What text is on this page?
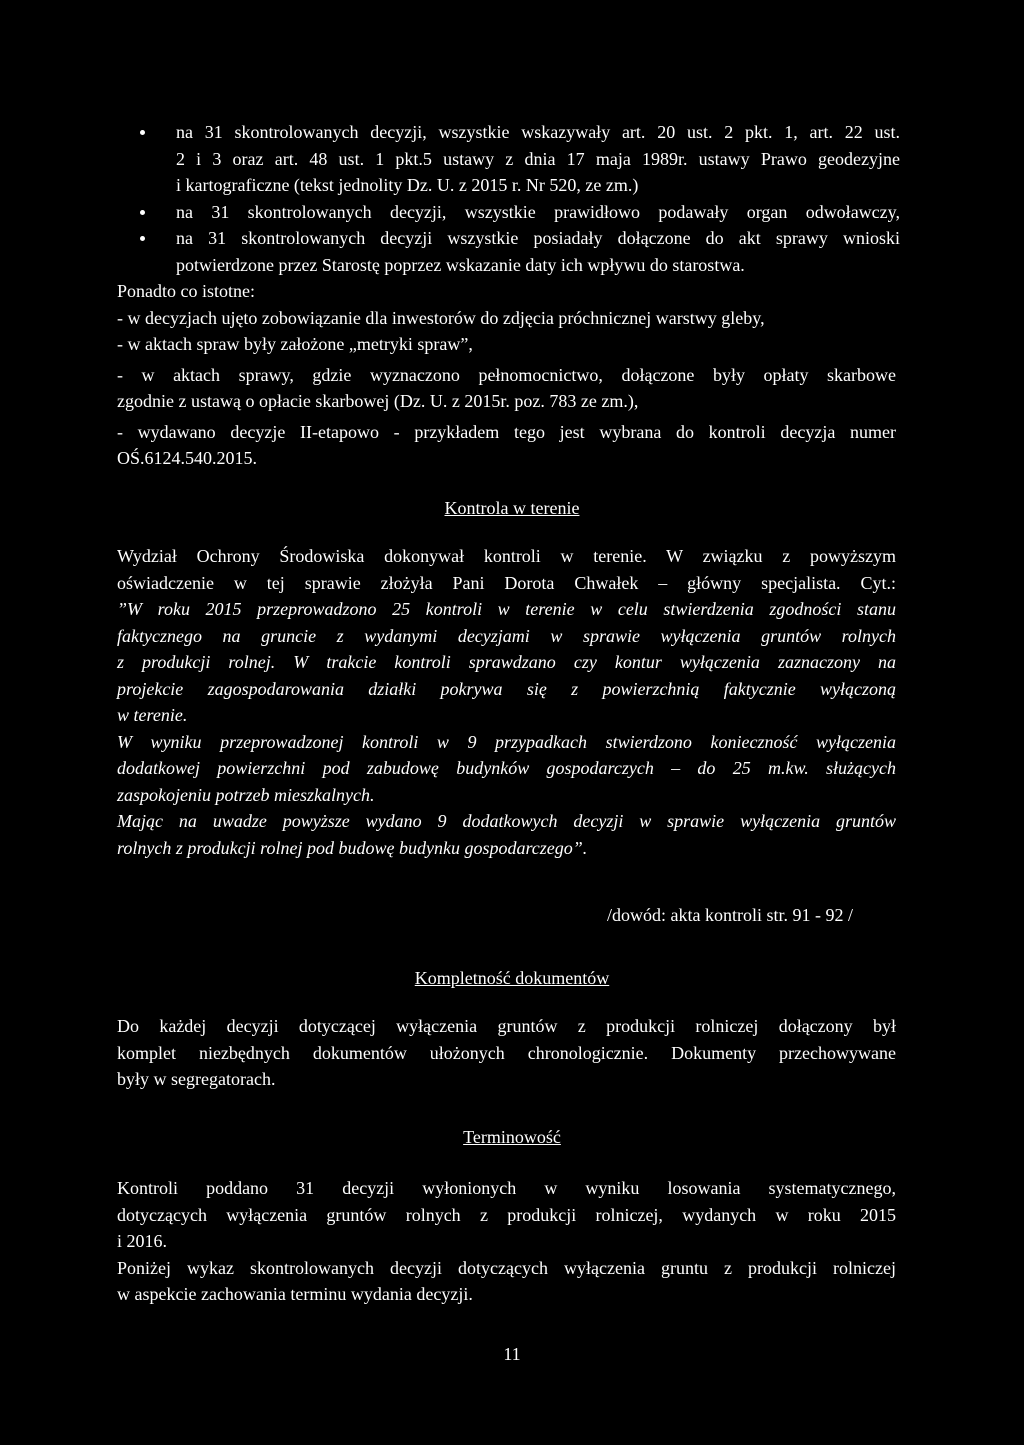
na 31 skontrolowanych decyzji, wszystkie wskazywały art. 20 ust. 2 pkt. 1, art. 22 ust.
2 i 3 oraz art. 48 ust. 1 pkt.5 ustawy z dnia 17 maja 1989r. ustawy Prawo geodezyjne
i kartograficzne (tekst jednolity Dz. U. z 2015 r. Nr 520, ze zm.)
na 31 skontrolowanych decyzji, wszystkie prawidłowo podawały organ odwoławczy,
na 31 skontrolowanych decyzji wszystkie posiadały dołączone do akt sprawy wnioski
potwierdzone przez Starostę poprzez wskazanie daty ich wpływu do starostwa.
Ponadto co istotne:
- w decyzjach ujęto zobowiązanie dla inwestorów do zdjęcia próchnicznej warstwy gleby,
- w aktach spraw były założone „metryki spraw”,
- w aktach sprawy, gdzie wyznaczono pełnomocnictwo, dołączone były opłaty skarbowe
zgodnie z ustawą o opłacie skarbowej (Dz. U. z 2015r. poz. 783 ze zm.),
- wydawano decyzje II-etapowo - przykładem tego jest wybrana do kontroli decyzja numer
OŚ.6124.540.2015.

Kontrola w terenie

Wydział Ochrony Środowiska dokonywał kontroli w terenie. W związku z powyższym
oświadczenie w tej sprawie złożyła Pani Dorota Chwałek – główny specjalista. Cyt.:
”W roku 2015 przeprowadzono 25 kontroli w terenie w celu stwierdzenia zgodności stanu
faktycznego na gruncie z wydanymi decyzjami w sprawie wyłączenia gruntów rolnych
z produkcji rolnej. W trakcie kontroli sprawdzano czy kontur wyłączenia zaznaczony na
projekcie zagospodarowania działki pokrywa się z powierzchnią faktycznie wyłączoną
w terenie.
W wyniku przeprowadzonej kontroli w 9 przypadkach stwierdzono konieczność wyłączenia
dodatkowej powierzchni pod zabudowę budynków gospodarczych – do 25 m.kw. służących
zaspokojeniu potrzeb mieszkalnych.
Mając na uwadze powyższe wydano 9 dodatkowych decyzji w sprawie wyłączenia gruntów
rolnych z produkcji rolnej pod budowę budynku gospodarczego”.

/dowód: akta kontroli str. 91 - 92 /

Kompletność dokumentów

Do każdej decyzji dotyczącej wyłączenia gruntów z produkcji rolniczej dołączony był
komplet niezbędnych dokumentów ułożonych chronologicznie. Dokumenty przechowywane
były w segregatorach.

Terminowość

Kontroli poddano 31 decyzji wyłonionych w wyniku losowania systematycznego,
dotyczących wyłączenia gruntów rolnych z produkcji rolniczej, wydanych w roku 2015
i 2016.
Poniżej wykaz skontrolowanych decyzji dotyczących wyłączenia gruntu z produkcji rolniczej
w aspekcie zachowania terminu wydania decyzji.

11
